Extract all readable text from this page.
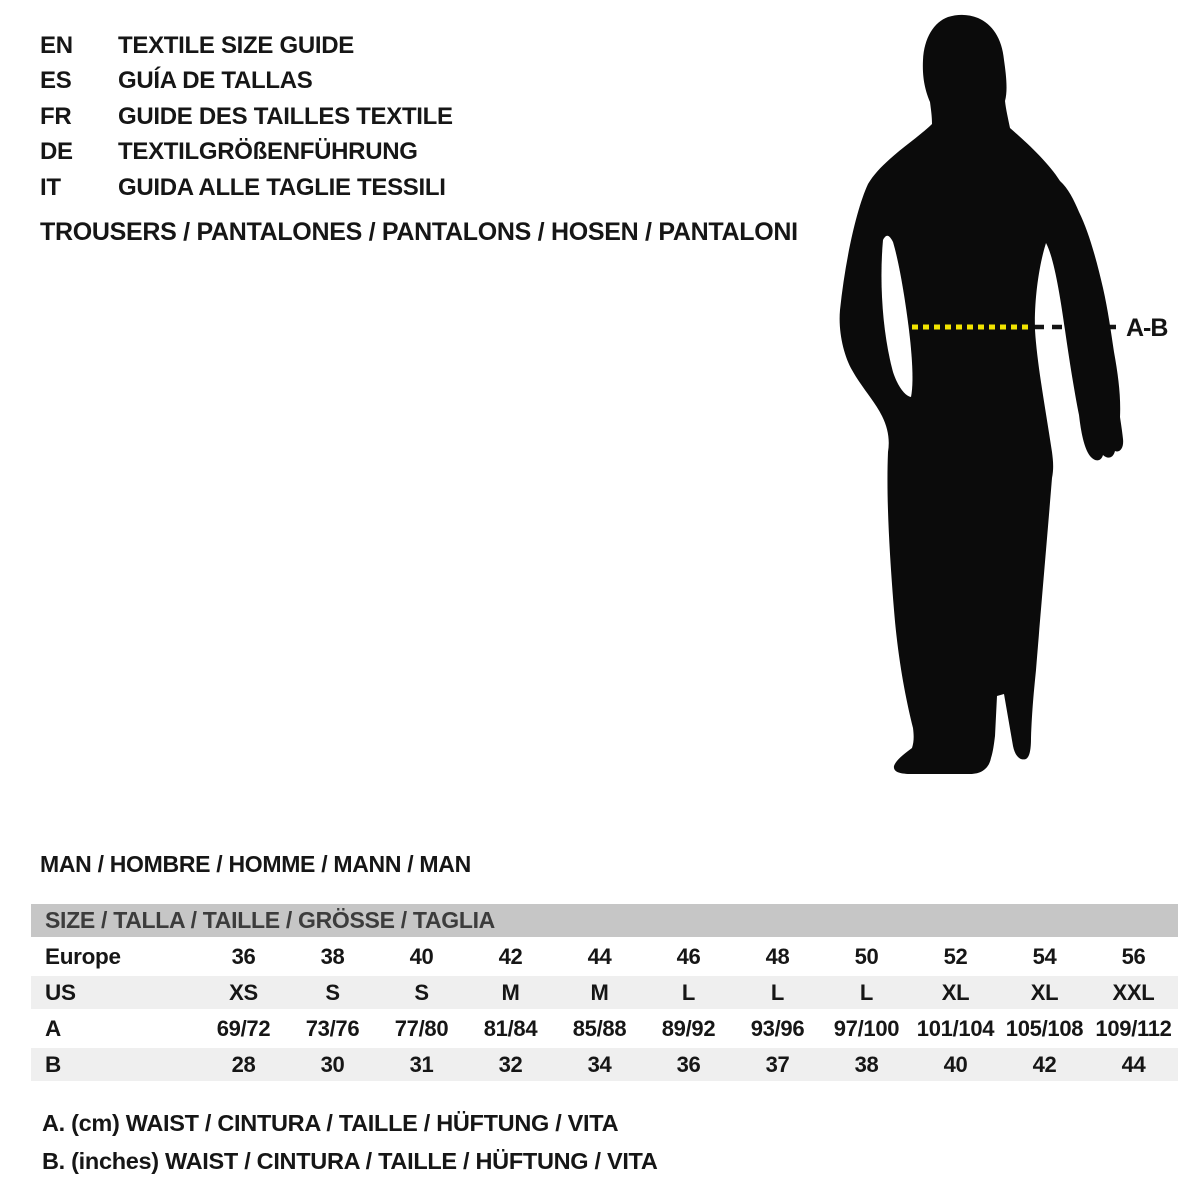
EN	TEXTILE SIZE GUIDE
ES	GUÍA DE TALLAS
FR	GUIDE DES TAILLES TEXTILE
DE	TEXTILGRÖßENFÜHRUNG
IT	GUIDA ALLE TAGLIE TESSILI
TROUSERS / PANTALONES / PANTALONS / HOSEN / PANTALONI
A-B
MAN / HOMBRE / HOMME / MANN / MAN
SIZE / TALLA / TAILLE / GRÖSSE / TAGLIA
Europe	36	38	40	42	44	46	48	50	52	54	56
US	XS	S	S	M	M	L	L	L	XL	XL	XXL
A	69/72	73/76	77/80	81/84	85/88	89/92	93/96	97/100 101/104 105/108 109/112
B	28	30	31	32	34	36	37	38	40	42	44
A. (cm) WAIST / CINTURA / TAILLE / HÜFTUNG / VITA
B. (inches) WAIST / CINTURA / TAILLE / HÜFTUNG / VITA
